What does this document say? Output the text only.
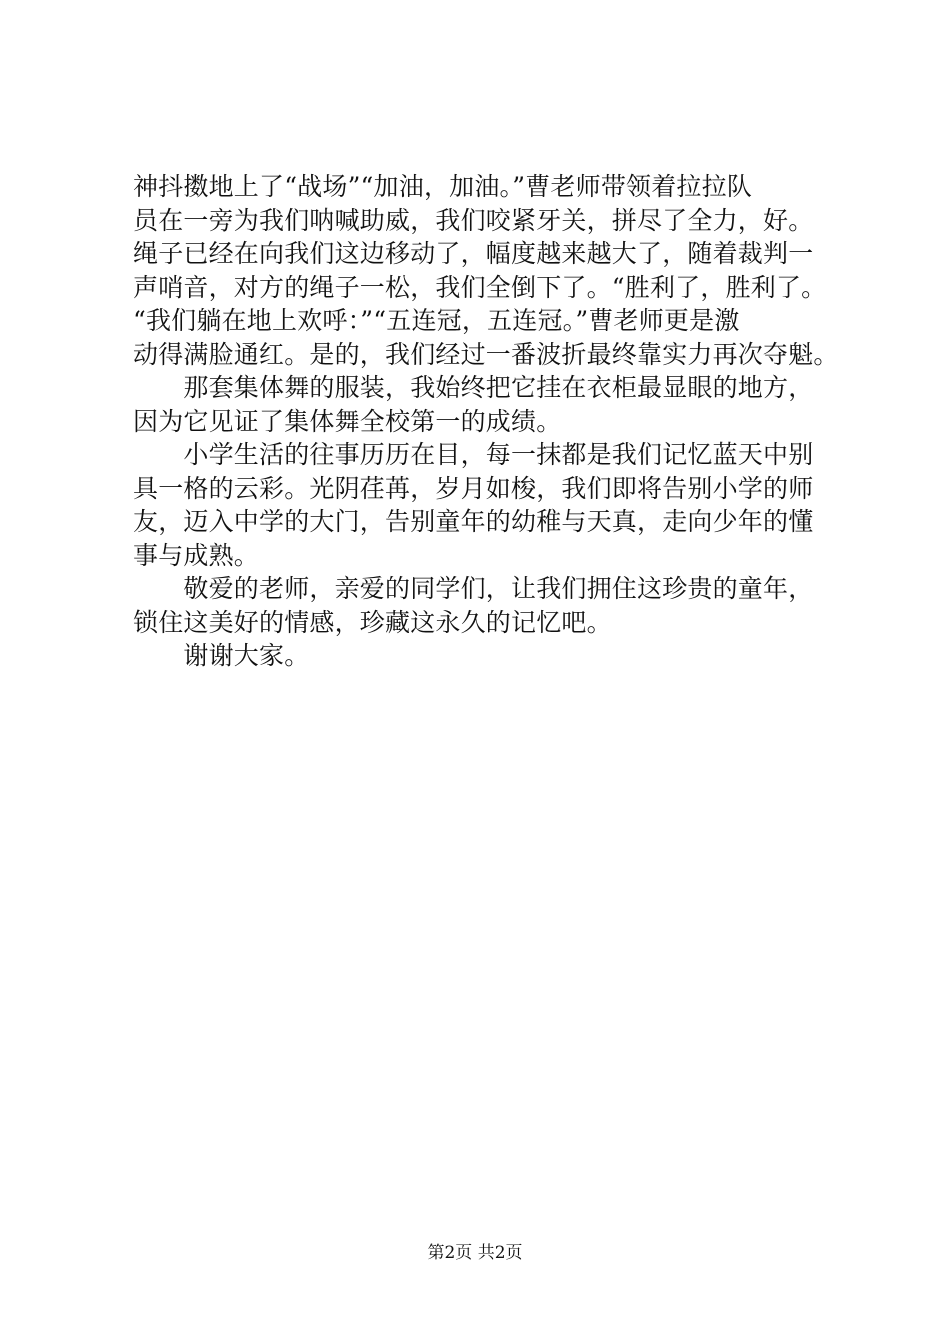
神抖擞地上了“战场”“加油，加油。”曹老师带领着拉拉队
员在一旁为我们呐喊助威，我们咬紧牙关，拼尽了全力，好。
绳子已经在向我们这边移动了，幅度越来越大了，随着裁判一
声哨音，对方的绳子一松，我们全倒下了。“胜利了，胜利了。
“我们躺在地上欢呼：”“五连冠，五连冠。”曹老师更是激
动得满脸通红。是的，我们经过一番波折最终靠实力再次夺魁。
　　那套集体舞的服装，我始终把它挂在衣柜最显眼的地方，
因为它见证了集体舞全校第一的成绩。
　　小学生活的往事历历在目，每一抹都是我们记忆蓝天中别
具一格的云彩。光阴荏苒，岁月如梭，我们即将告别小学的师
友，迈入中学的大门，告别童年的幼稚与天真，走向少年的懂
事与成熟。
　　敬爱的老师，亲爱的同学们，让我们拥住这珍贵的童年，
锁住这美好的情感，珍藏这永久的记忆吧。
　　谢谢大家。
第2页 共2页
